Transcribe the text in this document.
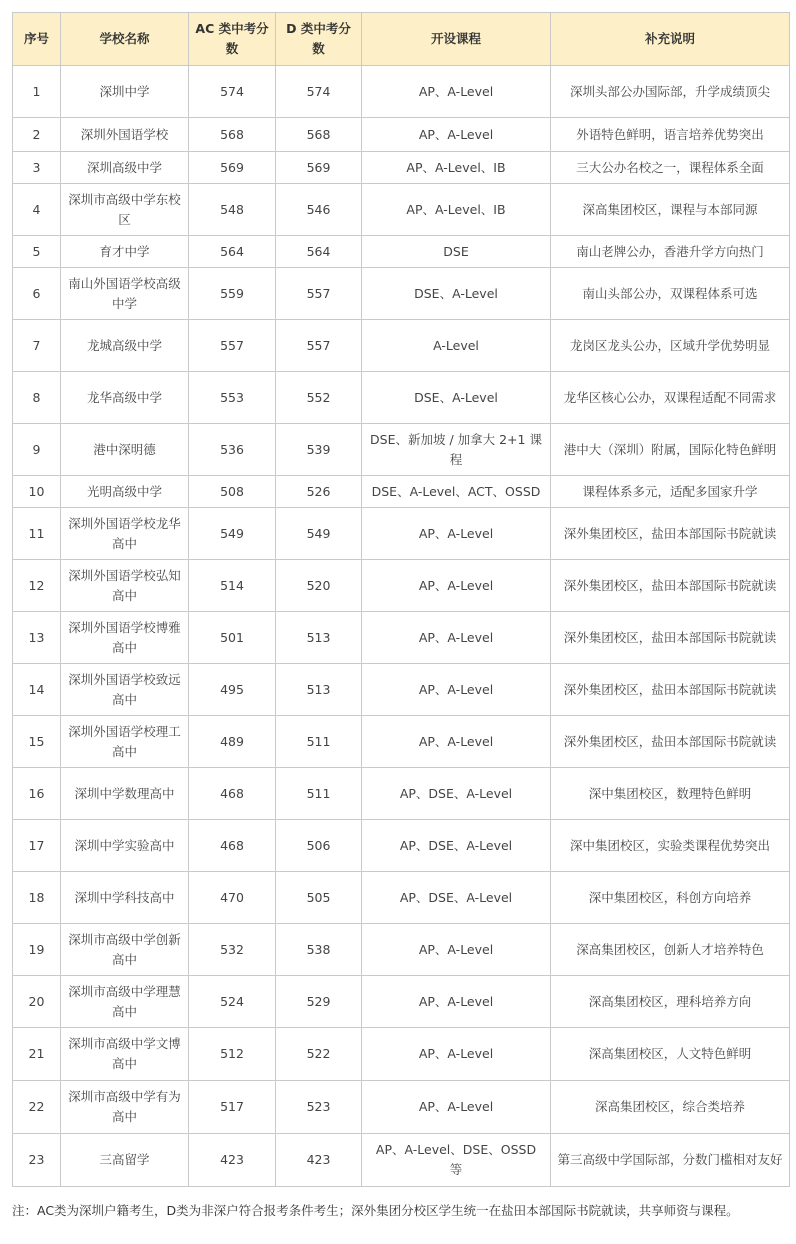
序号	学校名称	AC 类中考分数	D 类中考分数	开设课程	补充说明
1	深圳中学	574	574	AP、A-Level	深圳头部公办国际部，升学成绩顶尖
2	深圳外国语学校	568	568	AP、A-Level	外语特色鲜明，语言培养优势突出
3	深圳高级中学	569	569	AP、A-Level、IB	三大公办名校之一，课程体系全面
4	深圳市高级中学东校区	548	546	AP、A-Level、IB	深高集团校区，课程与本部同源
5	育才中学	564	564	DSE	南山老牌公办，香港升学方向热门
6	南山外国语学校高级中学	559	557	DSE、A-Level	南山头部公办，双课程体系可选
7	龙城高级中学	557	557	A-Level	龙岗区龙头公办，区域升学优势明显
8	龙华高级中学	553	552	DSE、A-Level	龙华区核心公办，双课程适配不同需求
9	港中深明德	536	539	DSE、新加坡 / 加拿大 2+1 课程	港中大（深圳）附属，国际化特色鲜明
10	光明高级中学	508	526	DSE、A-Level、ACT、OSSD	课程体系多元，适配多国家升学
11	深圳外国语学校龙华高中	549	549	AP、A-Level	深外集团校区，盐田本部国际书院就读
12	深圳外国语学校弘知高中	514	520	AP、A-Level	深外集团校区，盐田本部国际书院就读
13	深圳外国语学校博雅高中	501	513	AP、A-Level	深外集团校区，盐田本部国际书院就读
14	深圳外国语学校致远高中	495	513	AP、A-Level	深外集团校区，盐田本部国际书院就读
15	深圳外国语学校理工高中	489	511	AP、A-Level	深外集团校区，盐田本部国际书院就读
16	深圳中学数理高中	468	511	AP、DSE、A-Level	深中集团校区，数理特色鲜明
17	深圳中学实验高中	468	506	AP、DSE、A-Level	深中集团校区，实验类课程优势突出
18	深圳中学科技高中	470	505	AP、DSE、A-Level	深中集团校区，科创方向培养
19	深圳市高级中学创新高中	532	538	AP、A-Level	深高集团校区，创新人才培养特色
20	深圳市高级中学理慧高中	524	529	AP、A-Level	深高集团校区，理科培养方向
21	深圳市高级中学文博高中	512	522	AP、A-Level	深高集团校区，人文特色鲜明
22	深圳市高级中学有为高中	517	523	AP、A-Level	深高集团校区，综合类培养
23	三高留学	423	423	AP、A-Level、DSE、OSSD 等	第三高级中学国际部，分数门槛相对友好
注：AC类为深圳户籍考生，D类为非深户符合报考条件考生；深外集团分校区学生统一在盐田本部国际书院就读，共享师资与课程。
